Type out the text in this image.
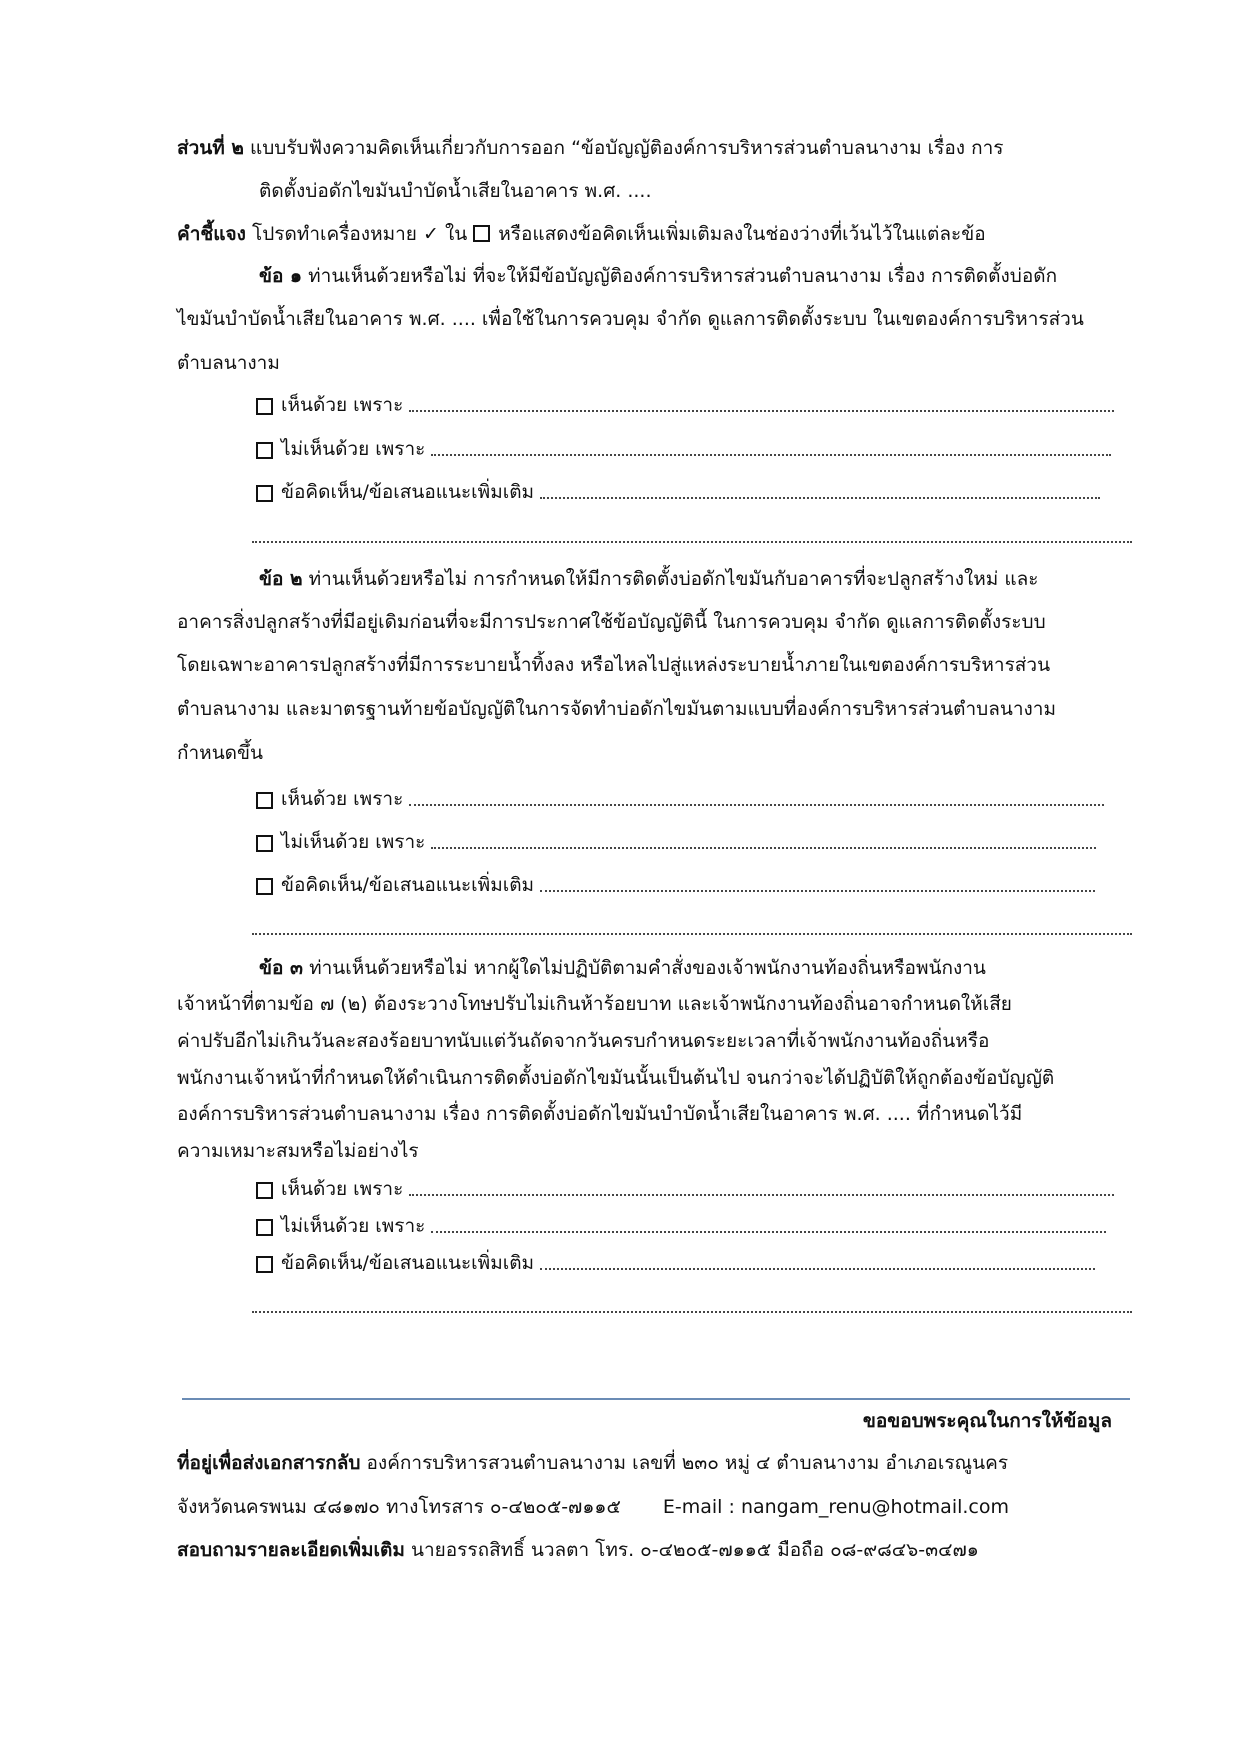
ส่วนที่ ๒ แบบรับฟังความคิดเห็นเกี่ยวกับการออก “ข้อบัญญัติองค์การบริหารส่วนตำบลนางาม เรื่อง การ
ติดตั้งบ่อดักไขมันบำบัดน้ำเสียในอาคาร พ.ศ. ....
คำชี้แจง โปรดทำเครื่องหมาย ✓ ใน หรือแสดงข้อคิดเห็นเพิ่มเติมลงในช่องว่างที่เว้นไว้ในแต่ละข้อ
ข้อ ๑ ท่านเห็นด้วยหรือไม่ ที่จะให้มีข้อบัญญัติองค์การบริหารส่วนตำบลนางาม เรื่อง การติดตั้งบ่อดัก
ไขมันบำบัดน้ำเสียในอาคาร พ.ศ. .... เพื่อใช้ในการควบคุม จำกัด ดูแลการติดตั้งระบบ ในเขตองค์การบริหารส่วน
ตำบลนางาม
เห็นด้วย เพราะ
ไม่เห็นด้วย เพราะ
ข้อคิดเห็น/ข้อเสนอแนะเพิ่มเติม
ข้อ ๒ ท่านเห็นด้วยหรือไม่ การกำหนดให้มีการติดตั้งบ่อดักไขมันกับอาคารที่จะปลูกสร้างใหม่ และ
อาคารสิ่งปลูกสร้างที่มีอยู่เดิมก่อนที่จะมีการประกาศใช้ข้อบัญญัตินี้ ในการควบคุม จำกัด ดูแลการติดตั้งระบบ
โดยเฉพาะอาคารปลูกสร้างที่มีการระบายน้ำทิ้งลง หรือไหลไปสู่แหล่งระบายน้ำภายในเขตองค์การบริหารส่วน
ตำบลนางาม และมาตรฐานท้ายข้อบัญญัติในการจัดทำบ่อดักไขมันตามแบบที่องค์การบริหารส่วนตำบลนางาม
กำหนดขึ้น
เห็นด้วย เพราะ
ไม่เห็นด้วย เพราะ
ข้อคิดเห็น/ข้อเสนอแนะเพิ่มเติม
ข้อ ๓ ท่านเห็นด้วยหรือไม่ หากผู้ใดไม่ปฏิบัติตามคำสั่งของเจ้าพนักงานท้องถิ่นหรือพนักงาน
เจ้าหน้าที่ตามข้อ ๗ (๒) ต้องระวางโทษปรับไม่เกินห้าร้อยบาท และเจ้าพนักงานท้องถิ่นอาจกำหนดให้เสีย
ค่าปรับอีกไม่เกินวันละสองร้อยบาทนับแต่วันถัดจากวันครบกำหนดระยะเวลาที่เจ้าพนักงานท้องถิ่นหรือ
พนักงานเจ้าหน้าที่กำหนดให้ดำเนินการติดตั้งบ่อดักไขมันนั้นเป็นต้นไป จนกว่าจะได้ปฏิบัติให้ถูกต้องข้อบัญญัติ
องค์การบริหารส่วนตำบลนางาม เรื่อง การติดตั้งบ่อดักไขมันบำบัดน้ำเสียในอาคาร พ.ศ. .... ที่กำหนดไว้มี
ความเหมาะสมหรือไม่อย่างไร
เห็นด้วย เพราะ
ไม่เห็นด้วย เพราะ
ข้อคิดเห็น/ข้อเสนอแนะเพิ่มเติม
ขอขอบพระคุณในการให้ข้อมูล
ที่อยู่เพื่อส่งเอกสารกลับ องค์การบริหารสวนตำบลนางาม เลขที่ ๒๓๐ หมู่ ๔ ตำบลนางาม อำเภอเรณูนคร
จังหวัดนครพนม ๔๘๑๗๐ ทางโทรสาร ๐-๔๒๐๕-๗๑๑๕ E-mail : nangam_renu@hotmail.com
สอบถามรายละเอียดเพิ่มเติม นายอรรถสิทธิ์ นวลตา โทร. ๐-๔๒๐๕-๗๑๑๕ มือถือ ๐๘-๙๘๔๖-๓๔๗๑
